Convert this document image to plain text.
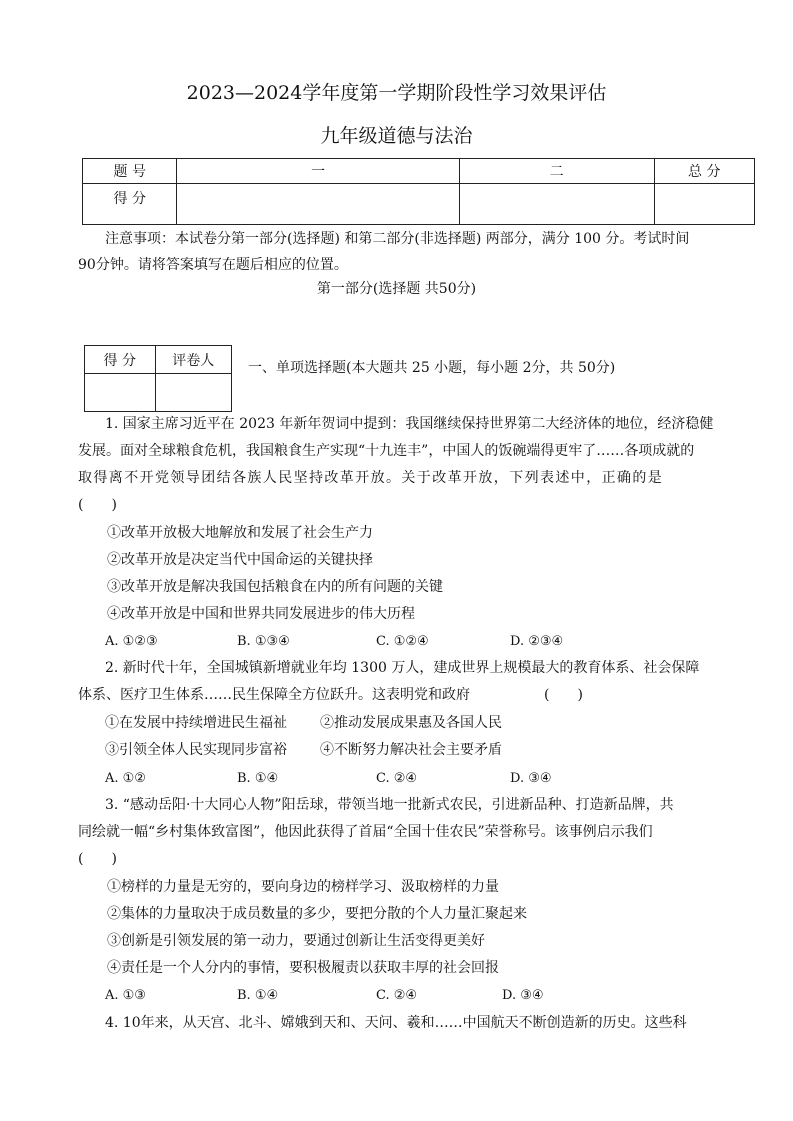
2023—2024学年度第一学期阶段性学习效果评估
九年级道德与法治
题 号	一	二	总 分
得 分			
注意事项：本试卷分第一部分(选择题) 和第二部分(非选择题) 两部分，满分 100 分。考试时间
90分钟。请将答案填写在题后相应的位置。
第一部分(选择题 共50分)
得 分	评卷人
	一、单项选择题(本大题共 25 小题，每小题 2分，共 50分)
1. 国家主席习近平在 2023 年新年贺词中提到：我国继续保持世界第二大经济体的地位，经济稳健
发展。面对全球粮食危机，我国粮食生产实现“十九连丰”，中国人的饭碗端得更牢了……各项成就的
取得离不开党领导团结各族人民坚持改革开放。关于改革开放，下列表述中，正确的是
(　　)
①改革开放极大地解放和发展了社会生产力
②改革开放是决定当代中国命运的关键抉择
③改革开放是解决我国包括粮食在内的所有问题的关键
④改革开放是中国和世界共同发展进步的伟大历程
A. ①②③	B. ①③④	C. ①②④	D. ②③④
2. 新时代十年，全国城镇新增就业年均 1300 万人，建成世界上规模最大的教育体系、社会保障
体系、医疗卫生体系……民生保障全方位跃升。这表明党和政府	(　　)
①在发展中持续增进民生福祉 ②推动发展成果惠及各国人民
③引领全体人民实现同步富裕 ④不断努力解决社会主要矛盾
A. ①②	B. ①④	C. ②④	D. ③④
3. “感动岳阳·十大同心人物”阳岳球，带领当地一批新式农民，引进新品种、打造新品牌，共
同绘就一幅“乡村集体致富图”，他因此获得了首届“全国十佳农民”荣誉称号。该事例启示我们
(　　)
①榜样的力量是无穷的，要向身边的榜样学习、汲取榜样的力量
②集体的力量取决于成员数量的多少，要把分散的个人力量汇聚起来
③创新是引领发展的第一动力，要通过创新让生活变得更美好
④责任是一个人分内的事情，要积极履责以获取丰厚的社会回报
A. ①③	B. ①④	C. ②④	D. ③④
4. 10年来，从天宫、北斗、嫦娥到天和、天问、羲和……中国航天不断创造新的历史。这些科
